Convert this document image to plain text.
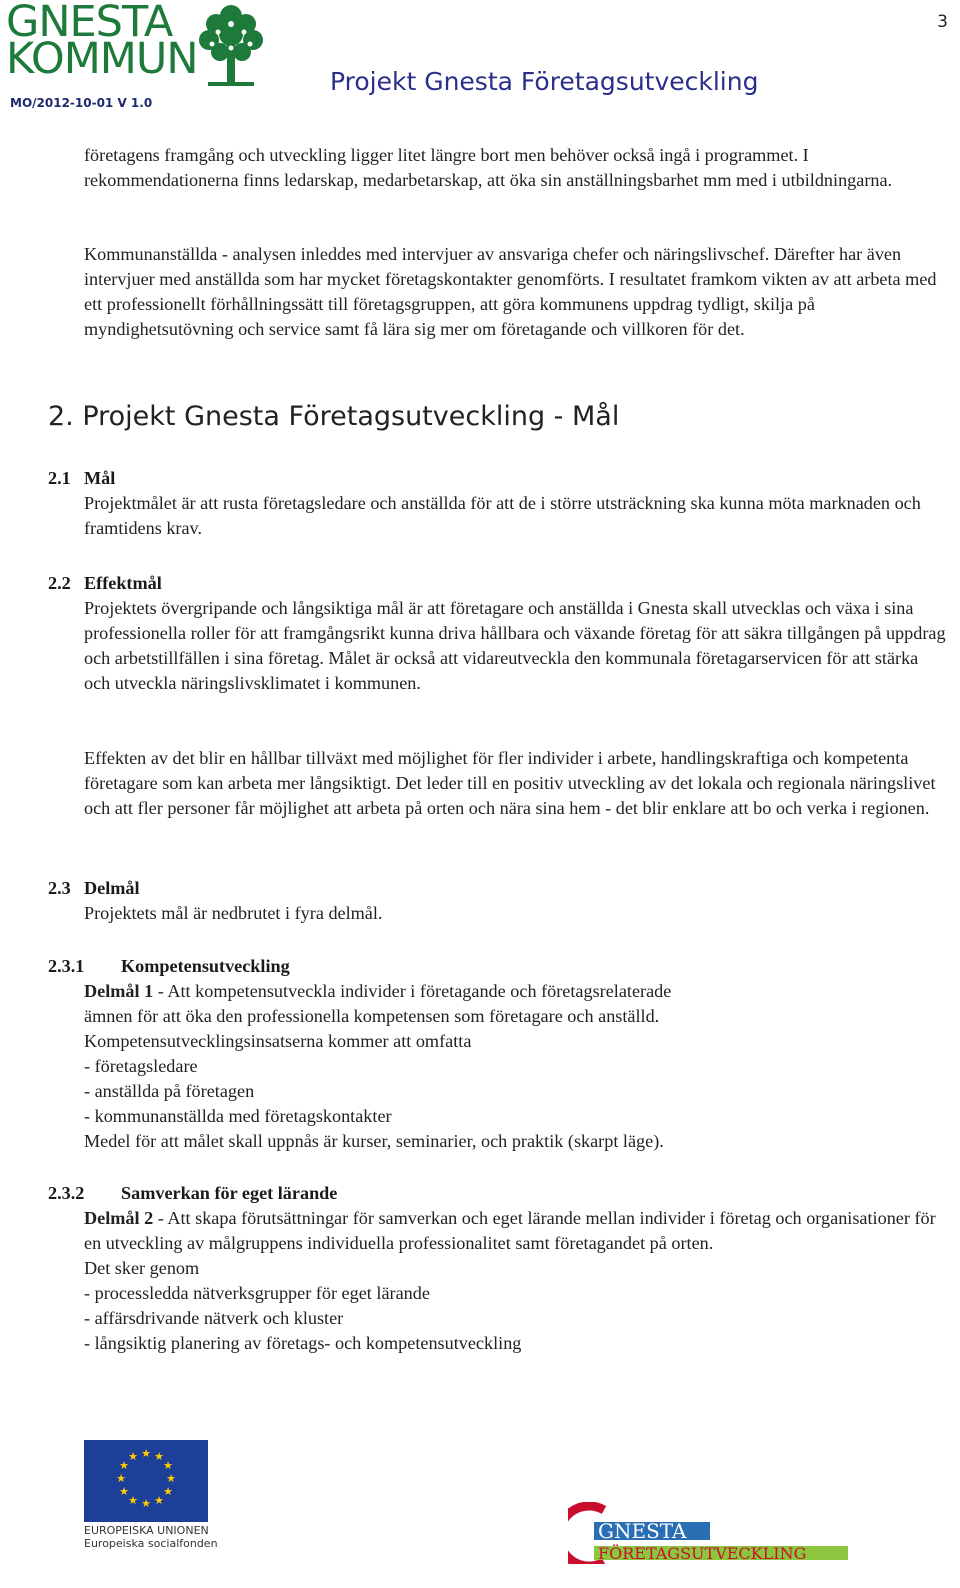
GNESTA
KOMMUN
MO/2012-10-01 V 1.0
3
Projekt Gnesta Företagsutveckling

företagens framgång och utveckling ligger litet längre bort men behöver också ingå i programmet. I rekommendationerna finns ledarskap, medarbetarskap, att öka sin anställningsbarhet mm med i utbildningarna.

Kommunanställda - analysen inleddes med intervjuer av ansvariga chefer och näringslivschef. Därefter har även intervjuer med anställda som har mycket företagskontakter genomförts. I resultatet framkom vikten av att arbeta med ett professionellt förhållningssätt till företagsgruppen, att göra kommunens uppdrag tydligt, skilja på myndighetsutövning och service samt få lära sig mer om företagande och villkoren för det.

2. Projekt Gnesta Företagsutveckling - Mål
2.1 Mål

Projektmålet är att rusta företagsledare och anställda för att de i större utsträckning ska kunna möta marknaden och framtidens krav.

2.2 Effektmål

Projektets övergripande och långsiktiga mål är att företagare och anställda i Gnesta skall utvecklas och växa i sina professionella roller för att framgångsrikt kunna driva hållbara och växande företag för att säkra tillgången på uppdrag och arbetstillfällen i sina företag. Målet är också att vidareutveckla den kommunala företagarservicen för att stärka och utveckla näringslivsklimatet i kommunen.

Effekten av det blir en hållbar tillväxt med möjlighet för fler individer i arbete, handlingskraftiga och kompetenta företagare som kan arbeta mer långsiktigt. Det leder till en positiv utveckling av det lokala och regionala näringslivet och att fler personer får möjlighet att arbeta på orten och nära sina hem - det blir enklare att bo och verka i regionen.

2.3 Delmål

Projektets mål är nedbrutet i fyra delmål.

2.3.1 Kompetensutveckling

Delmål 1 - Att kompetensutveckla individer i företagande och företagsrelaterade

ämnen för att öka den professionella kompetensen som företagare och anställd.

Kompetensutvecklingsinsatserna kommer att omfatta

- företagsledare

- anställda på företagen

- kommunanställda med företagskontakter

Medel för att målet skall uppnås är kurser, seminarier, och praktik (skarpt läge).

2.3.2 Samverkan för eget lärande

Delmål 2 - Att skapa förutsättningar för samverkan och eget lärande mellan individer i företag och organisationer för en utveckling av målgruppens individuella professionalitet samt företagandet på orten.

Det sker genom

- processledda nätverksgrupper för eget lärande

- affärsdrivande nätverk och kluster

- långsiktig planering av företags- och kompetensutveckling

★ ★
★
★
★
★
★
★
★
★
★
★
EUROPEISKA UNIONEN
Europeiska socialfonden
GNESTA
FÖRETAGSUTVECKLING
